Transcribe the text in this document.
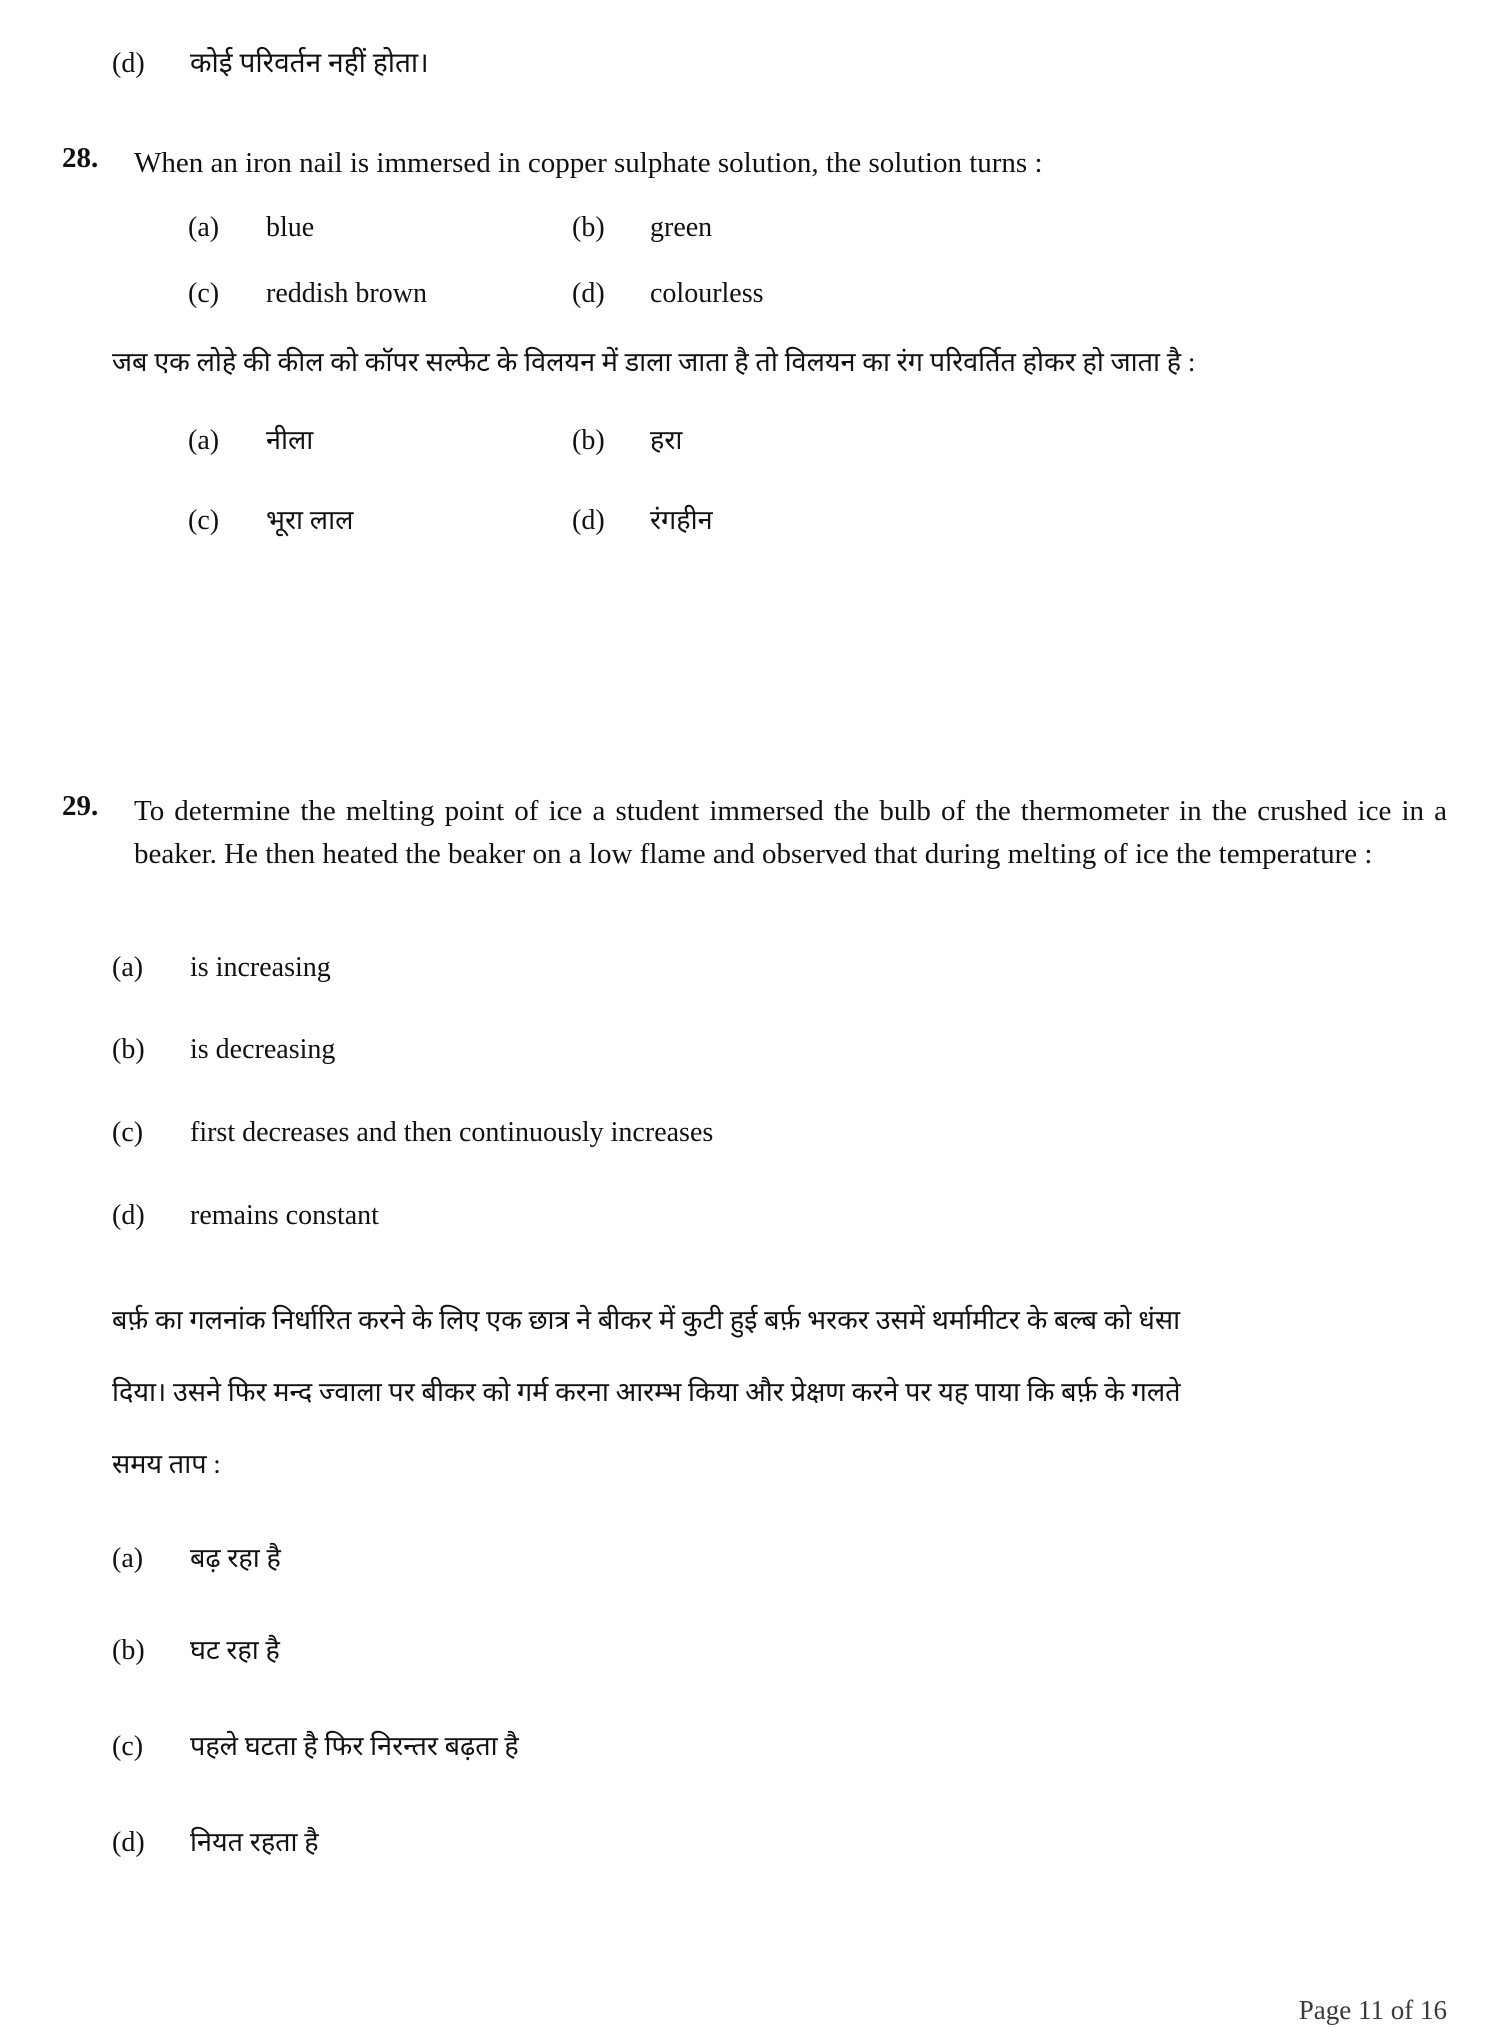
(d)	कोई परिवर्तन नहीं होता।
28.	When an iron nail is immersed in copper sulphate solution, the solution turns :
(a)	blue	(b)	green
(c)	reddish brown	(d)	colourless
जब एक लोहे की कील को कॉपर सल्फेट के विलयन में डाला जाता है तो विलयन का रंग परिवर्तित होकर हो जाता है :
(a)	नीला	(b)	हरा
(c)	भूरा लाल	(d)	रंगहीन
29.	To determine the melting point of ice a student immersed the bulb of the thermometer in the crushed ice in a beaker. He then heated the beaker on a low flame and observed that during melting of ice the temperature :
(a)	is increasing
(b)	is decreasing
(c)	first decreases and then continuously increases
(d)	remains constant
बर्फ़ का गलनांक निर्धारित करने के लिए एक छात्र ने बीकर में कुटी हुई बर्फ़ भरकर उसमें थर्मामीटर के बल्ब को धंसा
दिया। उसने फिर मन्द ज्वाला पर बीकर को गर्म करना आरम्भ किया और प्रेक्षण करने पर यह पाया कि बर्फ़ के गलते
समय ताप :
(a)	बढ़ रहा है
(b)	घट रहा है
(c)	पहले घटता है फिर निरन्तर बढ़ता है
(d)	नियत रहता है
Page 11 of 16
